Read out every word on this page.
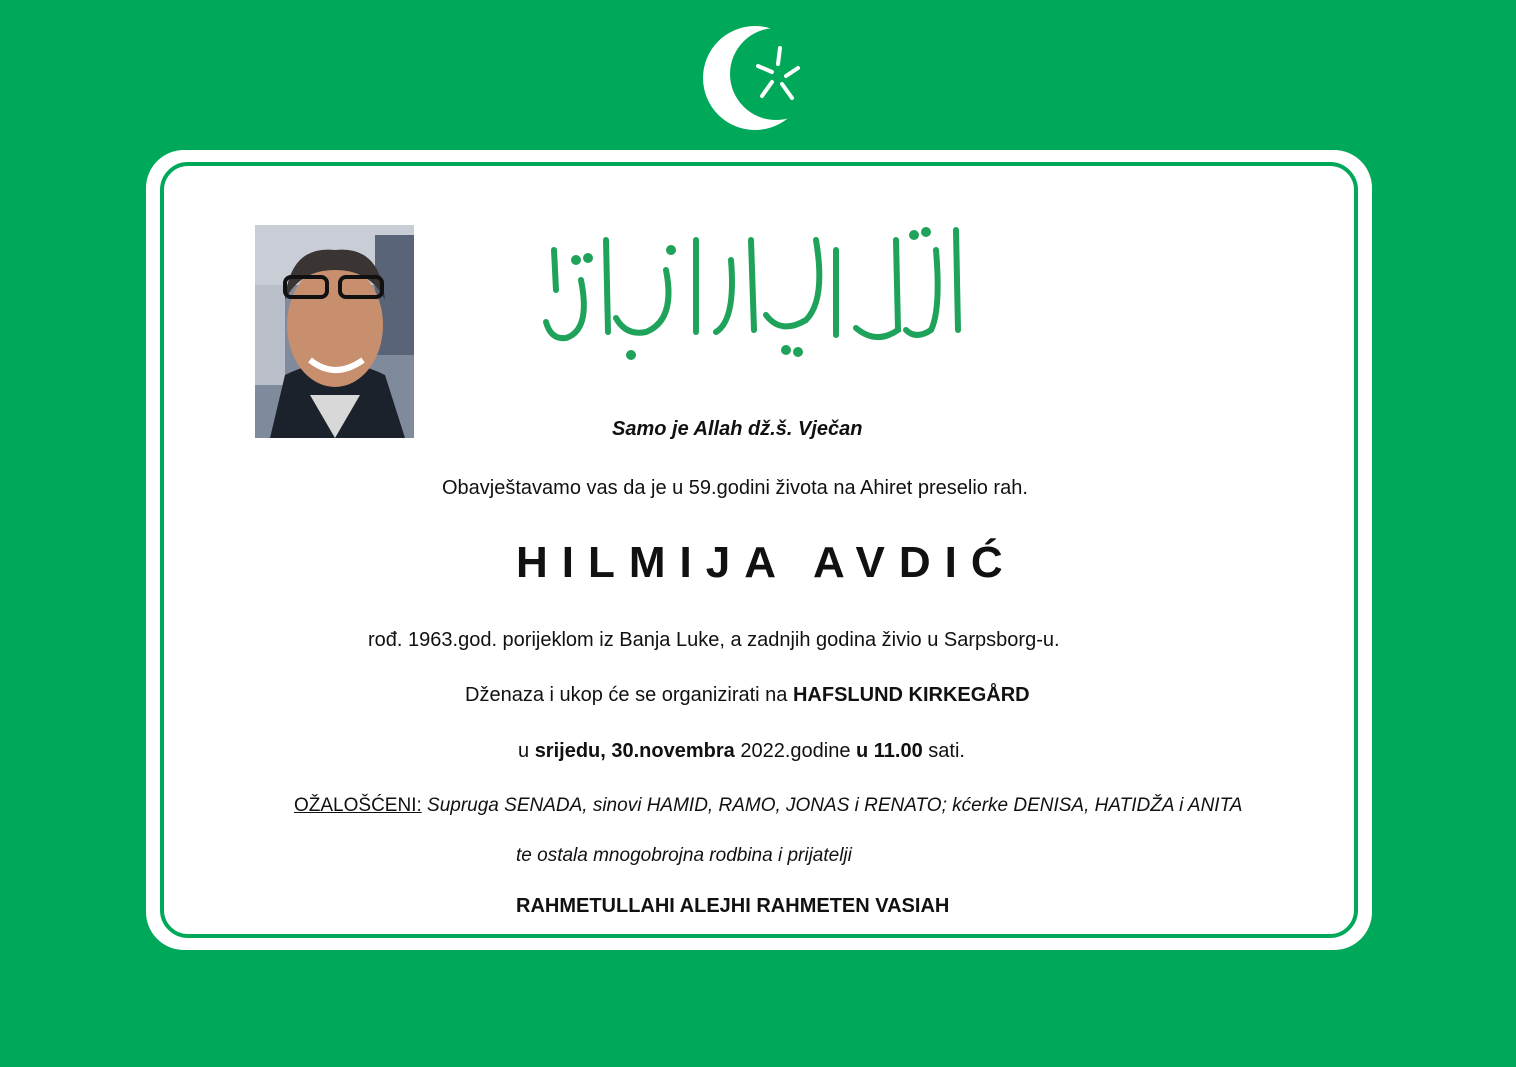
Samo je Allah dž.š. Vječan
Obavještavamo vas da je u 59.godini života na Ahiret preselio rah.
HILMIJA AVDIĆ
rođ. 1963.god. porijeklom iz Banja Luke, a zadnjih godina živio u Sarpsborg-u.
Dženaza i ukop će se organizirati na HAFSLUND KIRKEGÅRD
u srijedu, 30.novembra 2022.godine u 11.00 sati.
OŽALOŠĆENI: Supruga SENADA, sinovi HAMID, RAMO, JONAS i RENATO; kćerke DENISA, HATIDŽA i ANITA
te ostala mnogobrojna rodbina i prijatelji
RAHMETULLAHI ALEJHI RAHMETEN VASIAH
